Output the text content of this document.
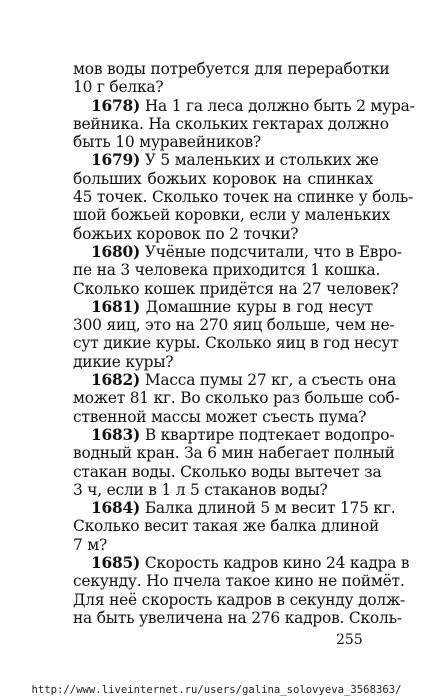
мов воды потребуется для переработки
10 г белка?
1678) На 1 га леса должно быть 2 мура-
вейника. На скольких гектарах должно
быть 10 муравейников?
1679) У 5 маленьких и стольких же
больших божьих коровок на спинках
45 точек. Сколько точек на спинке у боль-
шой божьей коровки, если у маленьких
божьих коровок по 2 точки?
1680) Учёные подсчитали, что в Евро-
пе на 3 человека приходится 1 кошка.
Сколько кошек придётся на 27 человек?
1681) Домашние куры в год несут
300 яиц, это на 270 яиц больше, чем не-
сут дикие куры. Сколько яиц в год несут
дикие куры?
1682) Масса пумы 27 кг, а съесть она
может 81 кг. Во сколько раз больше соб-
ственной массы может съесть пума?
1683) В квартире подтекает водопро-
водный кран. За 6 мин набегает полный
стакан воды. Сколько воды вытечет за
3 ч, если в 1 л 5 стаканов воды?
1684) Балка длиной 5 м весит 175 кг.
Сколько весит такая же балка длиной
7 м?
1685) Скорость кадров кино 24 кадра в
секунду. Но пчела такое кино не поймёт.
Для неё скорость кадров в секунду долж-
на быть увеличена на 276 кадров. Сколь-
255
http://www.liveinternet.ru/users/galina_solovyeva_3568363/
